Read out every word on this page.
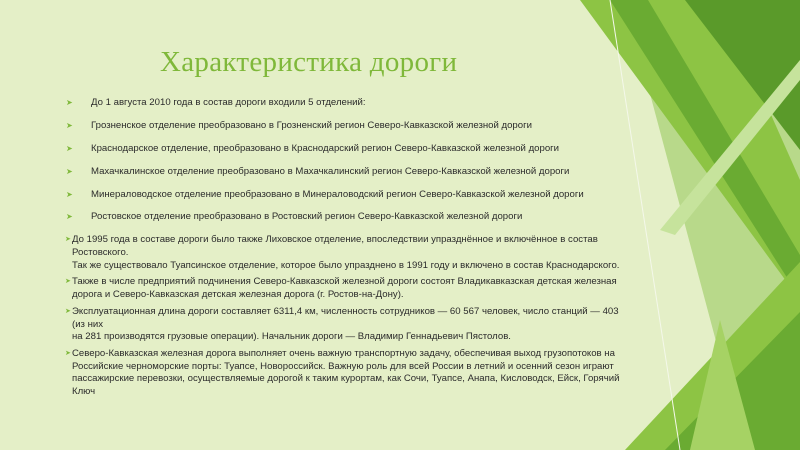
Характеристика дороги
➤ До 1 августа 2010 года в состав дороги входили 5 отделений:
➤ Грозненское отделение преобразовано в Грозненский регион Северо-Кавказской железной дороги
➤ Краснодарское отделение, преобразовано в Краснодарский регион Северо-Кавказской железной дороги
➤ Махачкалинское отделение преобразовано в Махачкалинский регион Северо-Кавказской железной дороги
➤ Минераловодское отделение преобразовано в Минераловодский регион Северо-Кавказской железной дороги
➤ Ростовское отделение преобразовано в Ростовский регион Северо-Кавказской железной дороги
➤ До 1995 года в составе дороги было также Лиховское отделение, впоследствии упразднённое и включённое в состав Ростовского.
Так же существовало Туапсинское отделение, которое было упразднено в 1991 году и включено в состав Краснодарского.
➤ Также в числе предприятий подчинения Северо-Кавказской железной дороги состоят Владикавказская детская железная
дорога и Северо-Кавказская детская железная дорога (г. Ростов-на-Дону).
➤ Эксплуатационная длина дороги составляет 6311,4 км, численность сотрудников — 60 567 человек, число станций — 403 (из них
на 281 производятся грузовые операции). Начальник дороги — Владимир Геннадьевич Пястолов.
➤ Северо-Кавказская железная дорога выполняет очень важную транспортную задачу, обеспечивая выход грузопотоков на
Российские черноморские порты: Туапсе, Новороссийск. Важную роль для всей России в летний и осенний сезон играют
пассажирские перевозки, осуществляемые дорогой к таким курортам, как Сочи, Туапсе, Анапа, Кисловодск, Ейск, Горячий Ключ
